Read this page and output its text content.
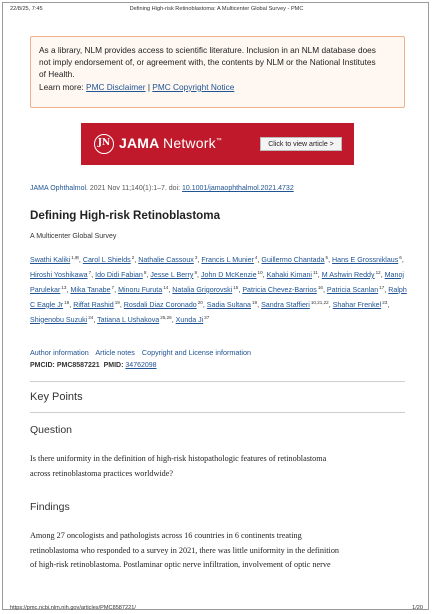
22/8/25, 7:45	Defining High-risk Retinoblastoma: A Multicenter Global Survey - PMC
As a library, NLM provides access to scientific literature. Inclusion in an NLM database does
not imply endorsement of, or agreement with, the contents by NLM or the National Institutes
of Health.
Learn more: PMC Disclaimer | PMC Copyright Notice
JN JAMA Network™	Click to view article >
JAMA Ophthalmol. 2021 Nov 11;140(1):1–7. doi: 10.1001/jamaophthalmol.2021.4732
Defining High-risk Retinoblastoma
A Multicenter Global Survey
Swathi Kaliki$^{1,⊞}$, Carol L Shields$^2$, Nathalie Cassoux$^3$, Francis L Munier$^4$, Guillermo Chantada$^5$, Hans E Grossniklaus$^6$, Hiroshi Yoshikawa$^7$, Ido Didi Fabian$^8$, Jesse L Berry$^9$, John D McKenzie$^{10}$, Kahaki Kimani$^{11}$, M Ashwin Reddy$^{12}$, Manoj Parulekar$^{13}$, Mika Tanabe$^7$, Minoru Furuta$^{14}$, Natalia Grigorovski$^{15}$, Patricia Chevez-Barrios$^{16}$, Patricia Scanlan$^{17}$, Ralph C Eagle Jr$^{18}$, Riffat Rashid$^{19}$, Rosdali Diaz Coronado$^{20}$, Sadia Sultana$^{19}$, Sandra Staffieri$^{10,21,22}$, Shahar Frenkel$^{23}$, Shigenobu Suzuki$^{24}$, Tatiana L Ushakova$^{25,26}$, Xunda Ji$^{27}$
Author information Article notes Copyright and License information
PMCID: PMC8587221 PMID: 34762098
Key Points
Question
Is there uniformity in the definition of high-risk histopathologic features of retinoblastoma
across retinoblastoma practices worldwide?
Findings
Among 27 oncologists and pathologists across 16 countries in 6 continents treating
retinoblastoma who responded to a survey in 2021, there was little uniformity in the definition
of high-risk retinoblastoma. Postlaminar optic nerve infiltration, involvement of optic nerve
https://pmc.ncbi.nlm.nih.gov/articles/PMC8587221/	1/20
